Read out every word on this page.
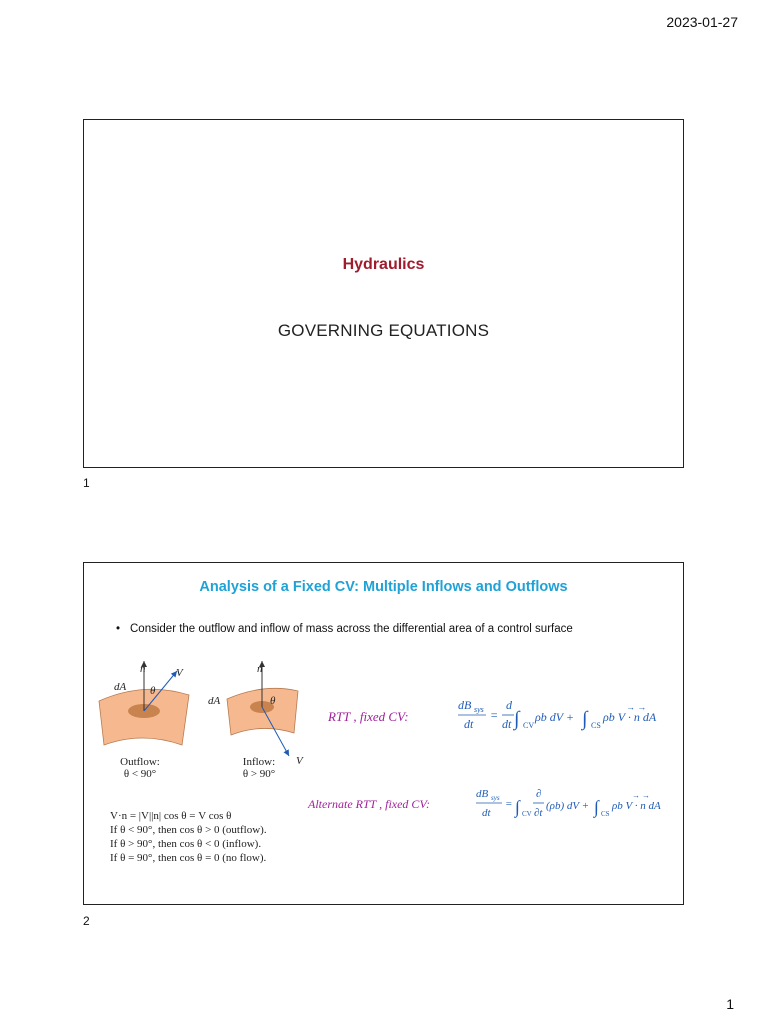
2023-01-27
Hydraulics
GOVERNING EQUATIONS
1
Analysis of a Fixed CV: Multiple Inflows and Outflows
• Consider the outflow and inflow of mass across the differential area of a control surface
dA
n
θ
V
dA
n
θ
V
Outflow:
θ < 90°
Inflow:
θ > 90°
V·n = |V||n| cos θ = V cos θ
If θ < 90°, then cos θ > 0 (outflow).
If θ > 90°, then cos θ < 0 (inflow).
If θ = 90°, then cos θ = 0 (no flow).
RTT , fixed CV:
Alternate RTT , fixed CV:
dB sys
dt
=
d
dt ∫ CV
ρb dV + ∫ CS
ρb V · n dA
→ →
dB sys
dt
= ∫ CV
∂
∂t
(ρb) dV + ∫ CS
ρb V · n dA
→ →
2
1
